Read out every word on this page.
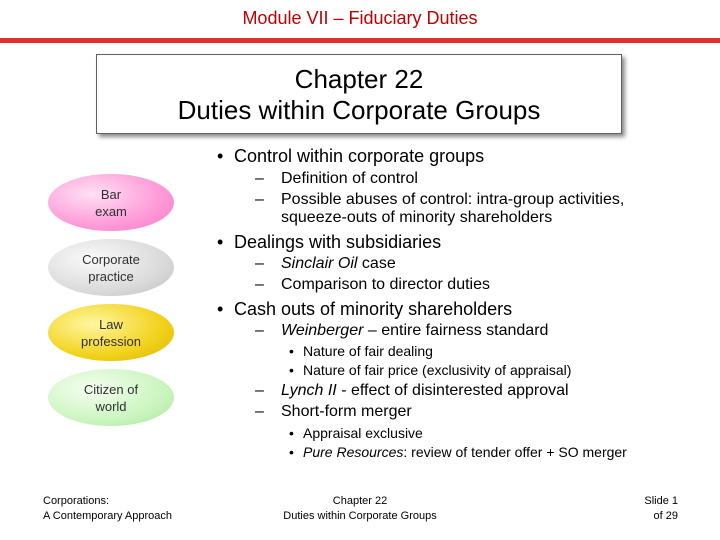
Module VII – Fiduciary Duties
Chapter 22
Duties within Corporate Groups
Bar
exam
Corporate
practice
Law
profession
Citizen of
world
• Control within corporate groups
– Definition of control
– Possible abuses of control: intra-group activities,
squeeze-outs of minority shareholders
• Dealings with subsidiaries
– Sinclair Oil case
– Comparison to director duties
• Cash outs of minority shareholders
– Weinberger – entire fairness standard
• Nature of fair dealing
• Nature of fair price (exclusivity of appraisal)
– Lynch II - effect of disinterested approval
– Short-form merger
• Appraisal exclusive
• Pure Resources: review of tender offer + SO merger
Corporations:
A Contemporary Approach
Chapter 22
Duties within Corporate Groups
Slide 1
of 29
